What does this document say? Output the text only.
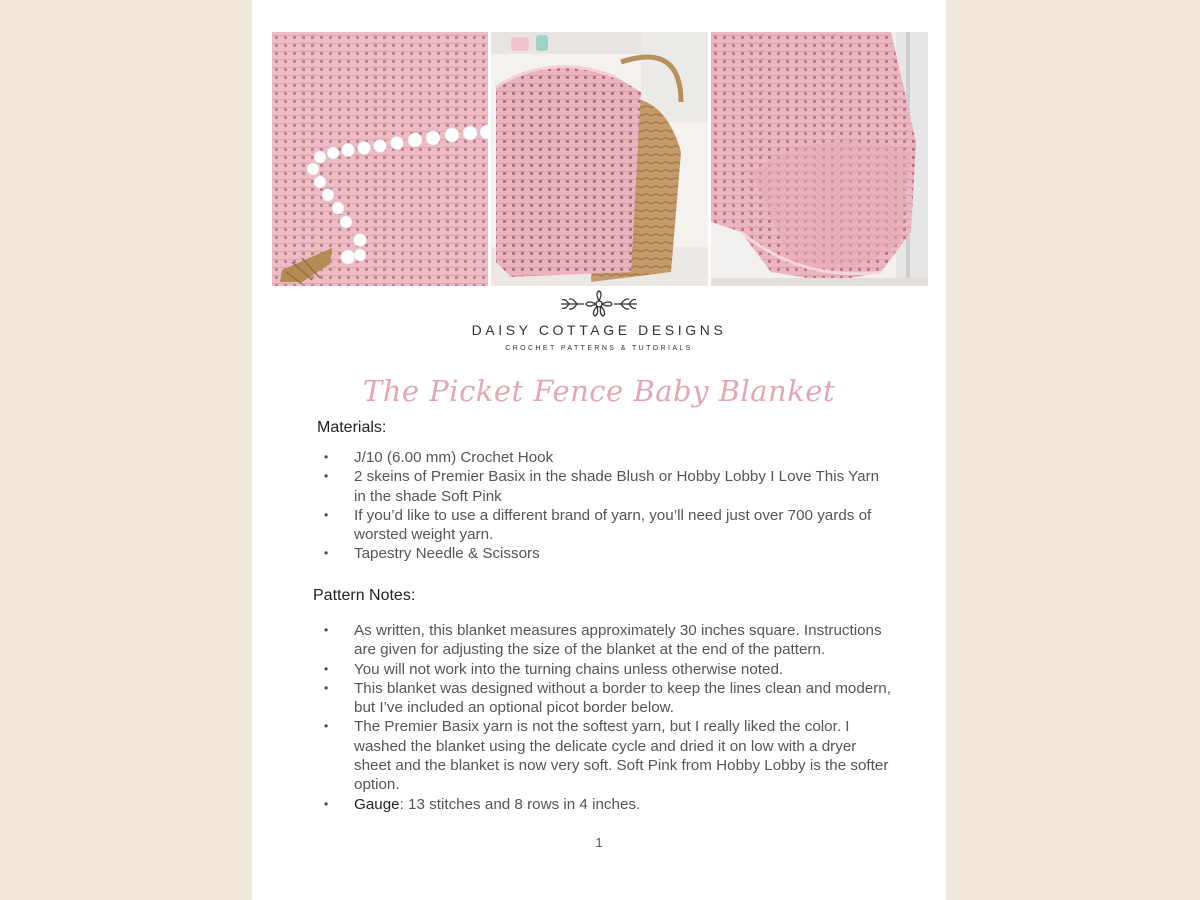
DAISY COTTAGE DESIGNS
CROCHET PATTERNS & TUTORIALS
The Picket Fence Baby Blanket
Materials:
• J/10 (6.00 mm) Crochet Hook
• 2 skeins of Premier Basix in the shade Blush or Hobby Lobby I Love This Yarn in the shade Soft Pink
• If you’d like to use a different brand of yarn, you’ll need just over 700 yards of worsted weight yarn.
• Tapestry Needle & Scissors
Pattern Notes:
• As written, this blanket measures approximately 30 inches square. Instructions are given for adjusting the size of the blanket at the end of the pattern.
• You will not work into the turning chains unless otherwise noted.
• This blanket was designed without a border to keep the lines clean and modern, but I’ve included an optional picot border below.
• The Premier Basix yarn is not the softest yarn, but I really liked the color. I washed the blanket using the delicate cycle and dried it on low with a dryer sheet and the blanket is now very soft. Soft Pink from Hobby Lobby is the softer option.
• Gauge: 13 stitches and 8 rows in 4 inches.
1
